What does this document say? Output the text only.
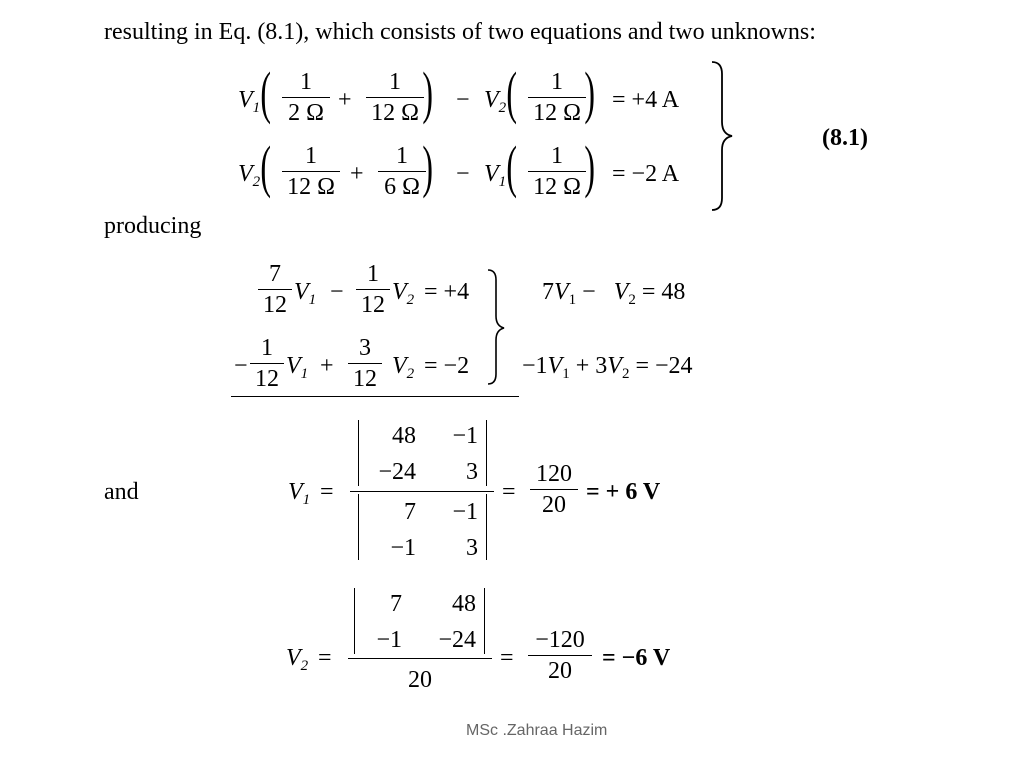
resulting in Eq. (8.1), which consists of two equations and two unknowns:
$V_1$ (	1
2 Ω +
1
12 Ω ) − $V_2$ (	1
12 Ω ) = +4 A
$V_2$ (	1
12 Ω +
1
6 Ω ) − $V_1$ (	1
12 Ω ) = −2 A
(8.1)
producing
7
12 $V_1$ −
1
12 $V_2 = +4$
−
1
12 $V_1$ +
3
12 $V_2 = -2$
$7V_1 - V_2 = 48$
$-1V_1 + 3V_2 = -24$
and	$V_1$ =
48	−1
−24	3
7	−1
−1	3
=
120
20 = + 6 V
$V_2$ =
7	48
−1	−24
20
=
−120
20	= −6 V
MSc .Zahraa Hazim
